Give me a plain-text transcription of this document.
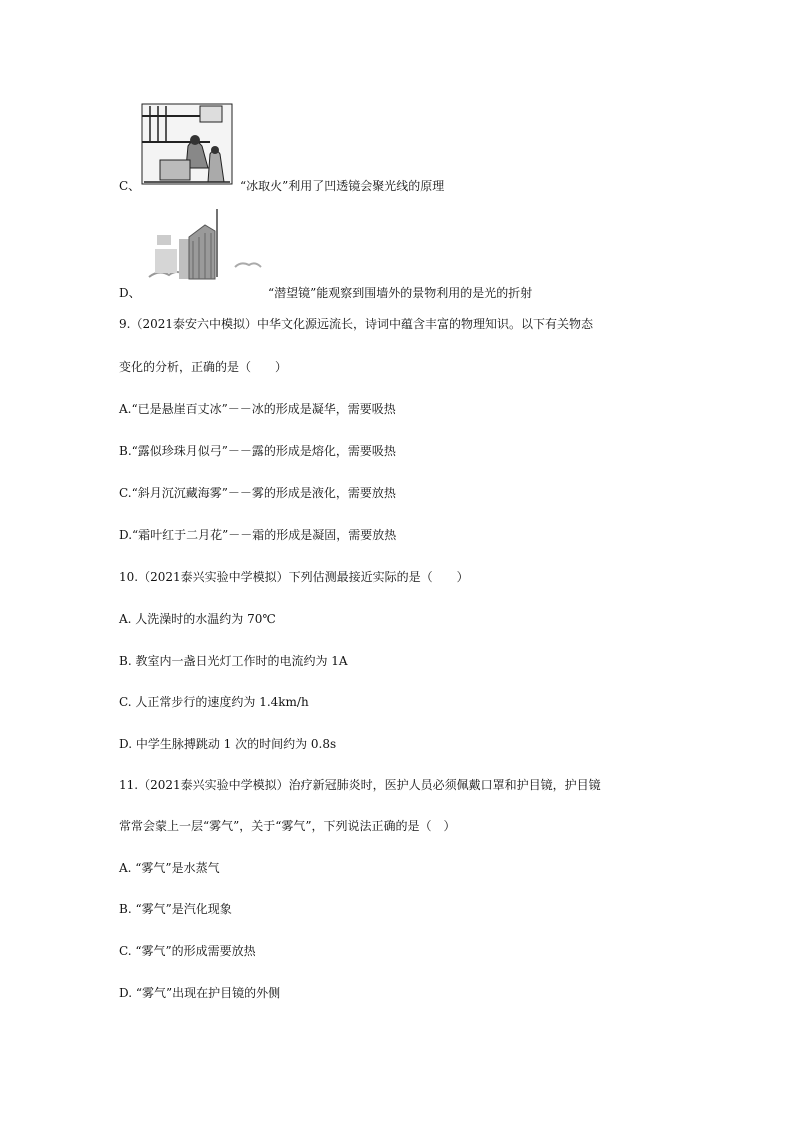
C、	“冰取火”利用了凹透镜会聚光线的原理
D、	“潜望镜”能观察到围墙外的景物利用的是光的折射
9.（2021泰安六中模拟）中华文化源远流长，诗词中蕴含丰富的物理知识。以下有关物态
变化的分析，正确的是（　　）
A.“已是悬崖百丈冰”－－冰的形成是凝华，需要吸热
B.“露似珍珠月似弓”－－露的形成是熔化，需要吸热
C.“斜月沉沉藏海雾”－－雾的形成是液化，需要放热
D.“霜叶红于二月花”－－霜的形成是凝固，需要放热
10.（2021泰兴实验中学模拟）下列估测最接近实际的是（　　）
A. 人洗澡时的水温约为 70℃
B. 教室内一盏日光灯工作时的电流约为 1A
C. 人正常步行的速度约为 1.4km/h
D. 中学生脉搏跳动 1 次的时间约为 0.8s
11.（2021泰兴实验中学模拟）治疗新冠肺炎时，医护人员必须佩戴口罩和护目镜，护目镜
常常会蒙上一层“雾气”，关于“雾气”，下列说法正确的是（　）
A. “雾气”是水蒸气
B. “雾气”是汽化现象
C. “雾气”的形成需要放热
D. “雾气”出现在护目镜的外侧
